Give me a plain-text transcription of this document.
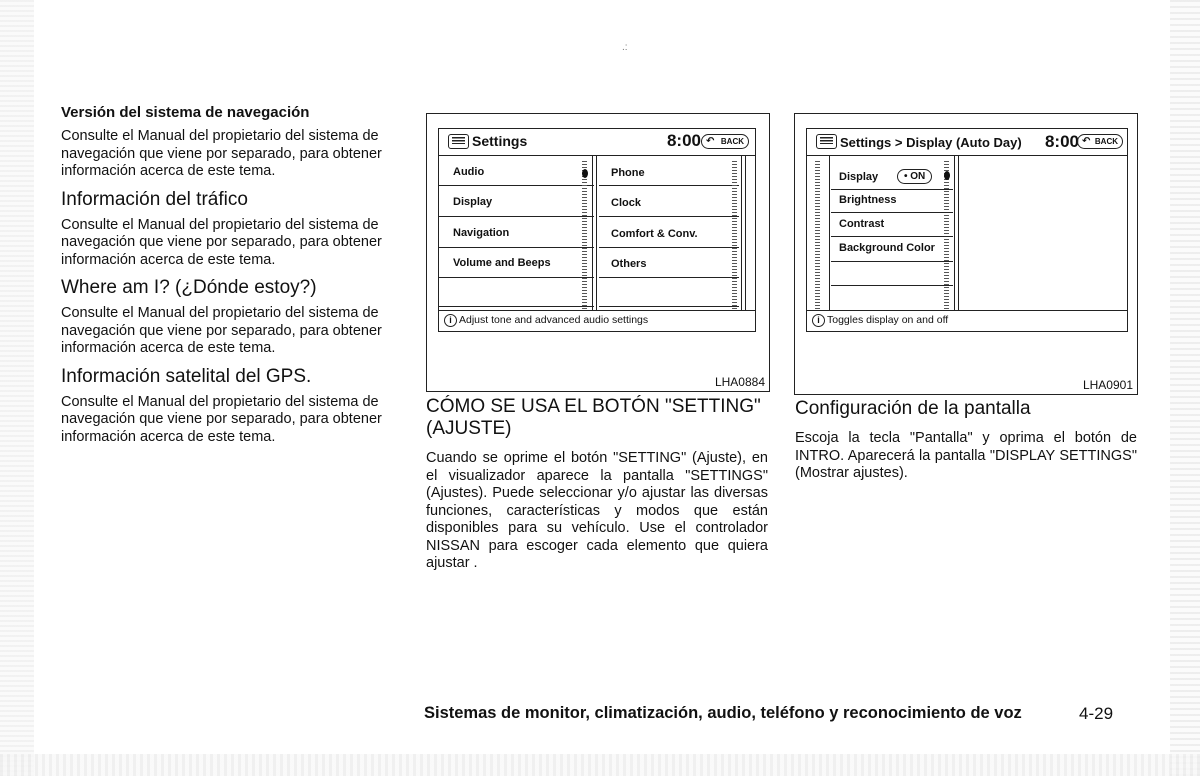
.:
Versión del sistema de navegación
Consulte el Manual del propietario del sistema de navegación que viene por separado, para obtener información acerca de este tema.
Información del tráfico
Consulte el Manual del propietario del sistema de navegación que viene por separado, para obtener información acerca de este tema.
Where am I? (¿Dónde estoy?)
Consulte el Manual del propietario del sistema de navegación que viene por separado, para obtener información acerca de este tema.
Información satelital del GPS.
Consulte el Manual del propietario del sistema de navegación que viene por separado, para obtener información acerca de este tema.
Settings	8:00 ↶ BACK
Audio
Display
Navigation
Volume and Beeps
Phone
Clock
Comfort & Conv.
Others
i Adjust tone and advanced audio settings
LHA0884
Settings > Display (Auto Day) 8:00 ↶ BACK
Display	• ON
Brightness
Contrast
Background Color
i Toggles display on and off
LHA0901
CÓMO SE USA EL BOTÓN "SETTING" (AJUSTE)
Cuando se oprime el botón "SETTING" (Ajuste), en el visualizador aparece la pantalla "SETTINGS" (Ajustes). Puede seleccionar y/o ajustar las diversas funciones, características y modos que están disponibles para su vehículo. Use el controlador NISSAN para escoger cada elemento que quiera ajustar .
Configuración de la pantalla
Escoja la tecla "Pantalla" y oprima el botón de INTRO. Aparecerá la pantalla "DISPLAY SETTINGS" (Mostrar ajustes).
Sistemas de monitor, climatización, audio, teléfono y reconocimiento de voz	4-29
